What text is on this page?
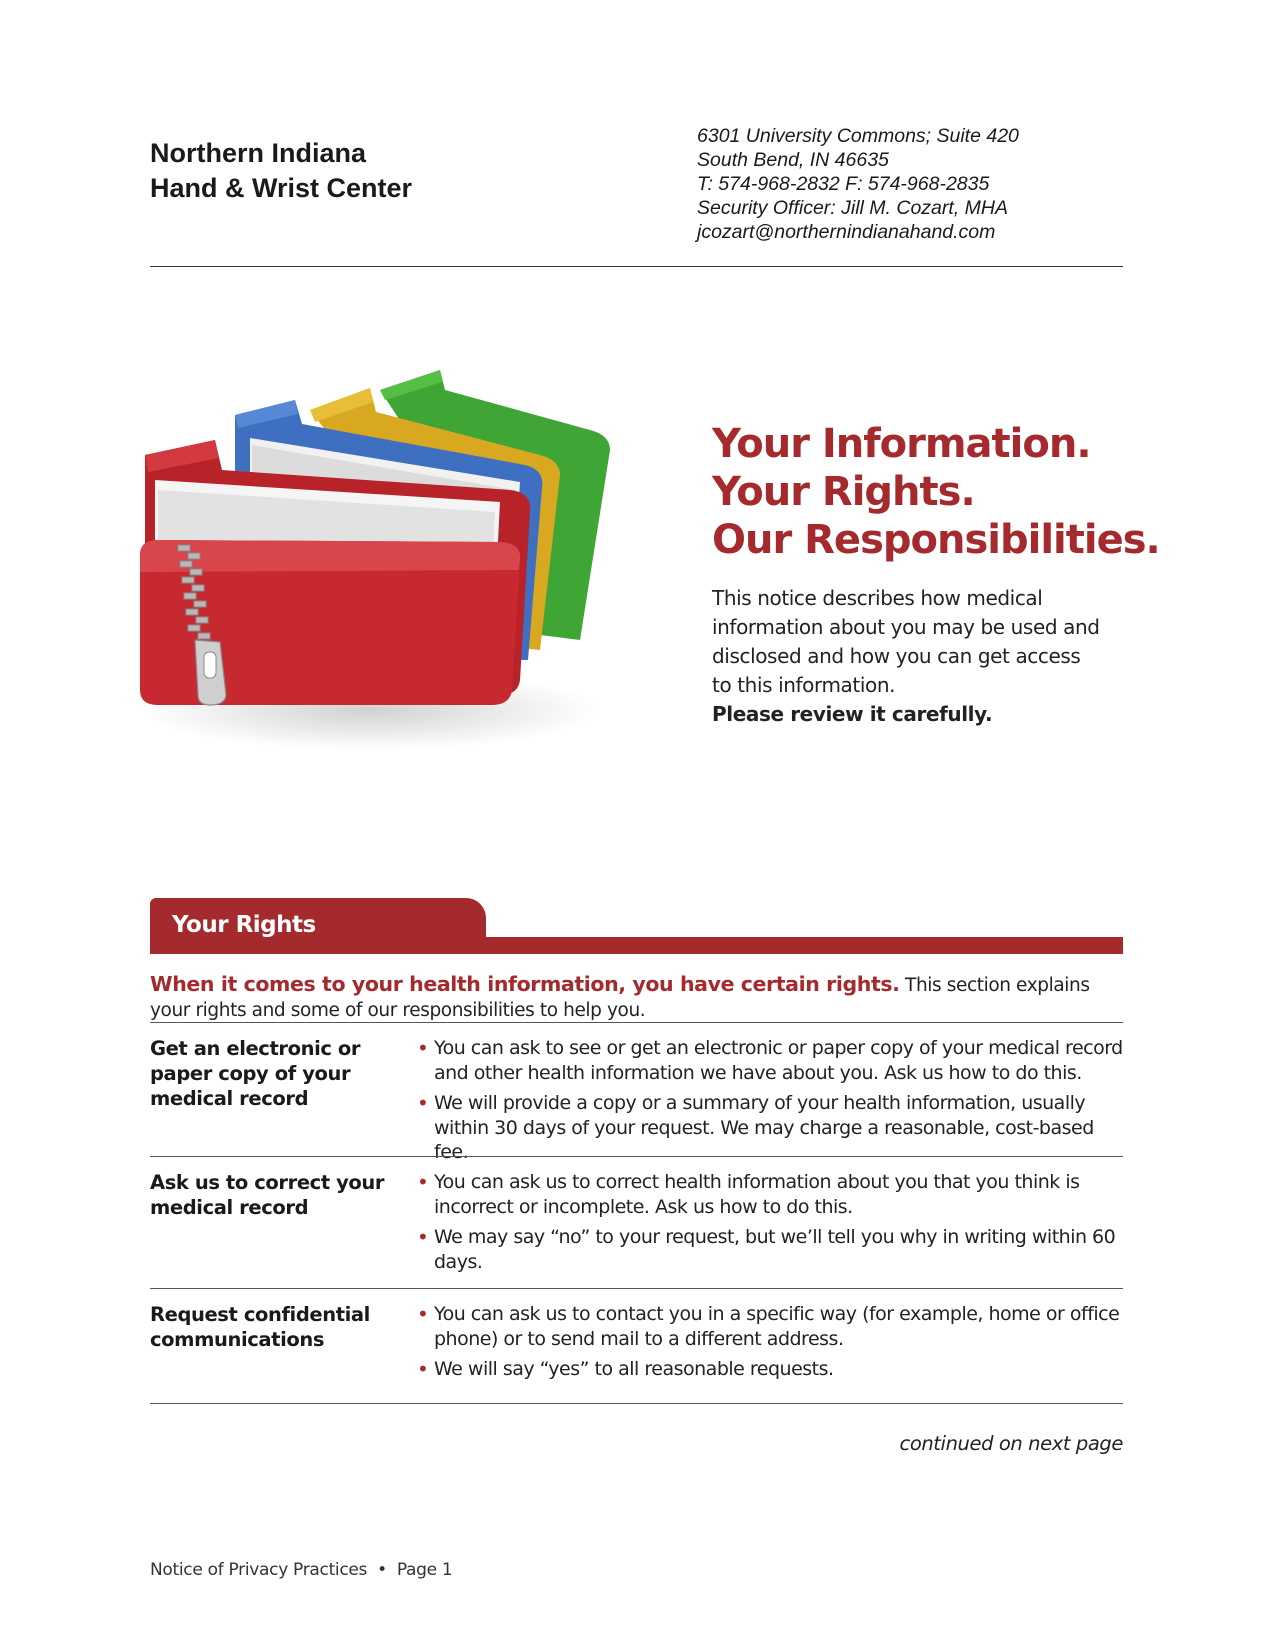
Northern Indiana
Hand & Wrist Center
6301 University Commons; Suite 420
South Bend, IN 46635
T: 574-968-2832 F: 574-968-2835
Security Officer: Jill M. Cozart, MHA
jcozart@northernindianahand.com
Your Information.
Your Rights.
Our Responsibilities.
This notice describes how medical information about you may be used and disclosed and how you can get access to this information.
Please review it carefully.
Your Rights
When it comes to your health information, you have certain rights. This section explains your rights and some of our responsibilities to help you.
Get an electronic or paper copy of your medical record
• You can ask to see or get an electronic or paper copy of your medical record and other health information we have about you. Ask us how to do this.
• We will provide a copy or a summary of your health information, usually within 30 days of your request. We may charge a reasonable, cost-based fee.
Ask us to correct your medical record
• You can ask us to correct health information about you that you think is incorrect or incomplete. Ask us how to do this.
• We may say “no” to your request, but we’ll tell you why in writing within 60 days.
Request confidential communications
• You can ask us to contact you in a specific way (for example, home or office phone) or to send mail to a different address.
• We will say “yes” to all reasonable requests.
continued on next page
Notice of Privacy Practices • Page 1
